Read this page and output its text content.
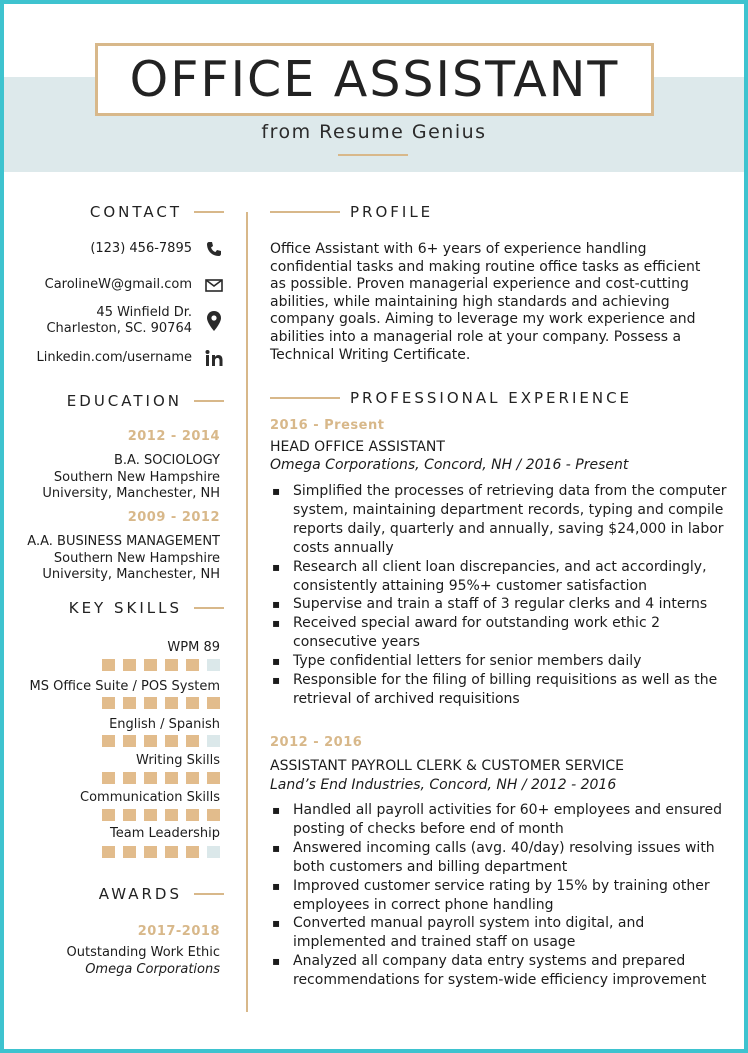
OFFICE ASSISTANT
from Resume Genius
CONTACT
(123) 456-7895
CarolineW@gmail.com
45 Winfield Dr.
Charleston, SC. 90764
Linkedin.com/username
EDUCATION
2012 - 2014
B.A. SOCIOLOGY
Southern New Hampshire
University, Manchester, NH
2009 - 2012
A.A. BUSINESS MANAGEMENT
Southern New Hampshire
University, Manchester, NH
KEY SKILLS
WPM 89
MS Office Suite / POS System
English / Spanish
Writing Skills
Communication Skills
Team Leadership
AWARDS
2017-2018
Outstanding Work Ethic
Omega Corporations
PROFILE
Office Assistant with 6+ years of experience handling confidential tasks and making routine office tasks as efficient as possible. Proven managerial experience and cost-cutting abilities, while maintaining high standards and achieving company goals. Aiming to leverage my work experience and abilities into a managerial role at your company. Possess a Technical Writing Certificate.
PROFESSIONAL EXPERIENCE
2016 - Present
HEAD OFFICE ASSISTANT
Omega Corporations, Concord, NH / 2016 - Present
▪ Simplified the processes of retrieving data from the computer system, maintaining department records, typing and compile reports daily, quarterly and annually, saving $24,000 in labor costs annually
▪ Research all client loan discrepancies, and act accordingly, consistently attaining 95%+ customer satisfaction
▪ Supervise and train a staff of 3 regular clerks and 4 interns
▪ Received special award for outstanding work ethic 2 consecutive years
▪ Type confidential letters for senior members daily
▪ Responsible for the filing of billing requisitions as well as the retrieval of archived requisitions
2012 - 2016
ASSISTANT PAYROLL CLERK & CUSTOMER SERVICE
Land’s End Industries, Concord, NH / 2012 - 2016
▪ Handled all payroll activities for 60+ employees and ensured posting of checks before end of month
▪ Answered incoming calls (avg. 40/day) resolving issues with both customers and billing department
▪ Improved customer service rating by 15% by training other employees in correct phone handling
▪ Converted manual payroll system into digital, and implemented and trained staff on usage
▪ Analyzed all company data entry systems and prepared recommendations for system-wide efficiency improvement
